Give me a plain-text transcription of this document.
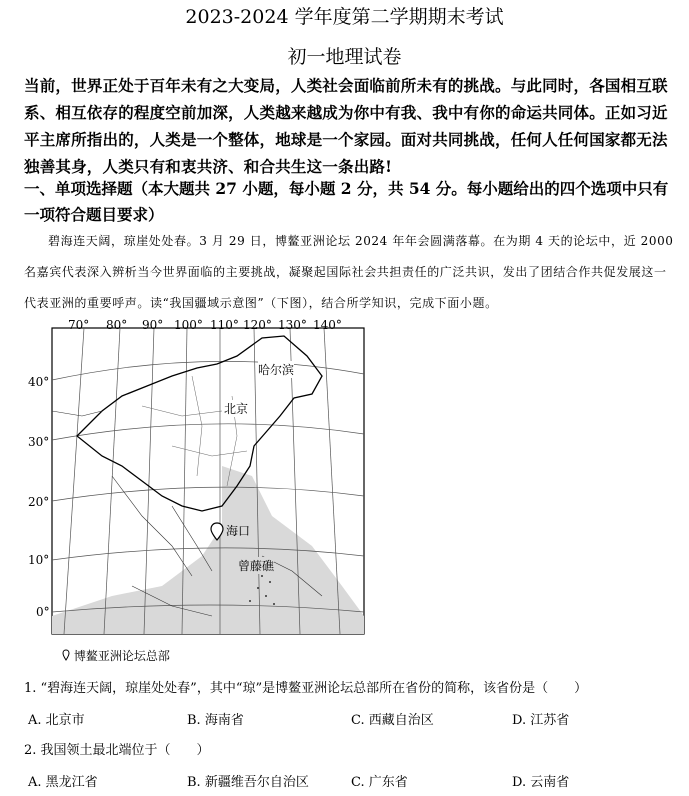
2023-2024 学年度第二学期期末考试
初一地理试卷
当前，世界正处于百年未有之大变局，人类社会面临前所未有的挑战。与此同时，各国相互联系、相互依存的程度空前加深，人类越来越成为你中有我、我中有你的命运共同体。正如习近平主席所指出的，人类是一个整体，地球是一个家园。面对共同挑战，任何人任何国家都无法独善其身，人类只有和衷共济、和合共生这一条出路!
一、单项选择题（本大题共 27 小题，每小题 2 分，共 54 分。每小题给出的四个选项中只有一项符合题目要求）
碧海连天阔，琼崖处处春。3 月 29 日，博鳌亚洲论坛 2024 年年会圆满落幕。在为期 4 天的论坛中，近 2000 名嘉宾代表深入辨析当今世界面临的主要挑战，凝聚起国际社会共担责任的广泛共识，发出了团结合作共促发展这一代表亚洲的重要呼声。读“我国疆域示意图”（下图），结合所学知识，完成下面小题。
70° 80° 90° 100° 110° 120° 130° 140°
40°
30°
20°
10°
0°
哈尔滨
北京
海口
曾藤礁
博鳌亚洲论坛总部
1. “碧海连天阔，琼崖处处春”，其中“琼”是博鳌亚洲论坛总部所在省份的简称，该省份是（　　）
A. 北京市	B. 海南省	C. 西藏自治区	D. 江苏省
2. 我国领土最北端位于（　　）
A. 黑龙江省	B. 新疆维吾尔自治区	C. 广东省	D. 云南省
